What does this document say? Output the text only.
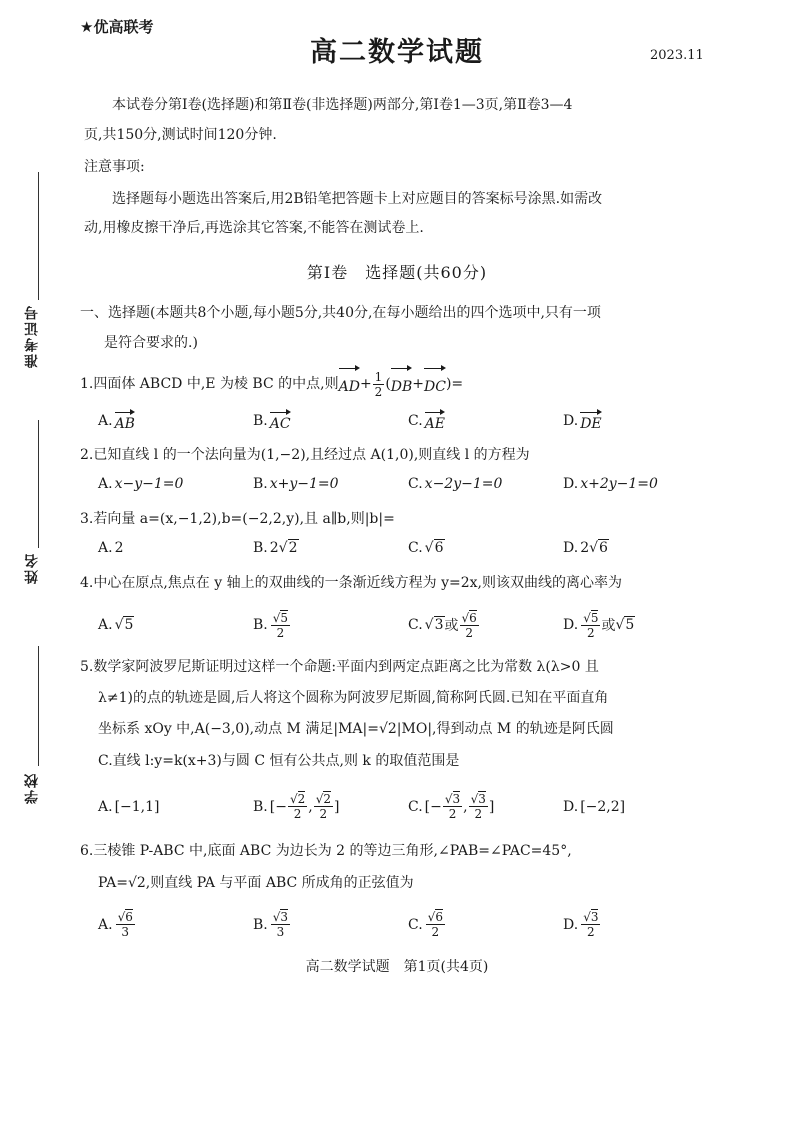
准考证号
姓名
学校
★优高联考
高二数学试题	2023.11
本试卷分第Ⅰ卷(选择题)和第Ⅱ卷(非选择题)两部分,第Ⅰ卷1—3页,第Ⅱ卷3—4
页,共150分,测试时间120分钟.
注意事项:
选择题每小题选出答案后,用2B铅笔把答题卡上对应题目的答案标号涂黑.如需改
动,用橡皮擦干净后,再选涂其它答案,不能答在测试卷上.
第Ⅰ卷　选择题(共60分)
一、选择题(本题共8个小题,每小题5分,共40分,在每小题给出的四个选项中,只有一项
是符合要求的.)
1.四面体 ABCD 中,E 为棱 BC 的中点,则 AD + $\frac{1}{2}$ ( DB + DC )=
A. AB	B. AC	C. AE	D. DE
2.已知直线 l 的一个法向量为(1,−2),且经过点 A(1,0),则直线 l 的方程为
A. x−y−1=0	B. x+y−1=0	C. x−2y−1=0	D. x+2y−1=0
3.若向量 a=(x,−1,2),b=(−2,2,y),且 a∥b,则|b|=
A. 2	B. 2 √2	C. √6	D. 2 √6
4.中心在原点,焦点在 y 轴上的双曲线的一条渐近线方程为 y=2x,则该双曲线的离心率为
A. √5	B. $\frac{√5}{2}$	C. √3 或 $\frac{√6}{2}$	D. $\frac{√5}{2}$ 或 √5
5.数学家阿波罗尼斯证明过这样一个命题:平面内到两定点距离之比为常数 λ(λ>0 且
λ≠1)的点的轨迹是圆,后人将这个圆称为阿波罗尼斯圆,简称阿氏圆.已知在平面直角
坐标系 xOy 中,A(−3,0),动点 M 满足|MA|=√2|MO|,得到动点 M 的轨迹是阿氏圆
C.直线 l:y=k(x+3)与圆 C 恒有公共点,则 k 的取值范围是
A. [−1,1]	B. [− $\frac{√2}{2}$ , $\frac{√2}{2}$ ]	C. [− $\frac{√3}{2}$ , $\frac{√3}{2}$ ]	D. [−2,2]
6.三棱锥 P-ABC 中,底面 ABC 为边长为 2 的等边三角形,∠PAB=∠PAC=45°,
PA=√2,则直线 PA 与平面 ABC 所成角的正弦值为
A. $\frac{√6}{3}$	B. $\frac{√3}{3}$	C. $\frac{√6}{2}$	D. $\frac{√3}{2}$
高二数学试题　第1页(共4页)
